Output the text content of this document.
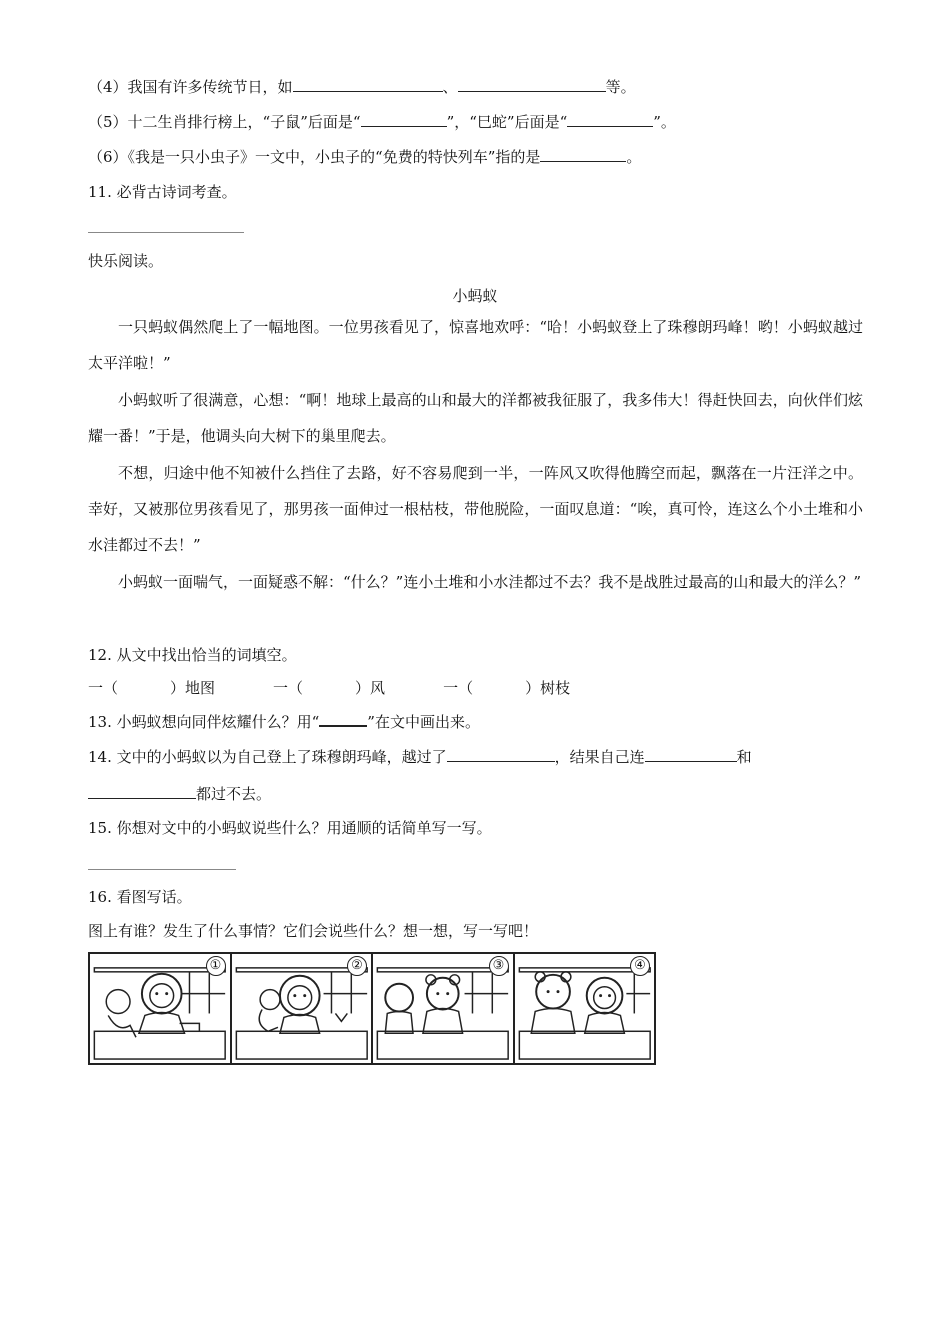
（4）我国有许多传统节日，如	、	等。
（5）十二生肖排行榜上，“子鼠”后面是“	”，“巳蛇”后面是“	”。
（6）《我是一只小虫子》一文中，小虫子的“免费的特快列车”指的是	。
11. 必背古诗词考查。
快乐阅读。
小蚂蚁
一只蚂蚁偶然爬上了一幅地图。一位男孩看见了，惊喜地欢呼：“哈！小蚂蚁登上了珠穆朗玛峰！哟！小蚂蚁越过太平洋啦！”
小蚂蚁听了很满意，心想：“啊！地球上最高的山和最大的洋都被我征服了，我多伟大！得赶快回去，向伙伴们炫耀一番！”于是，他调头向大树下的巢里爬去。
不想，归途中他不知被什么挡住了去路，好不容易爬到一半，一阵风又吹得他腾空而起，飘落在一片汪洋之中。幸好，又被那位男孩看见了，那男孩一面伸过一根枯枝，带他脱险，一面叹息道：“唉，真可怜，连这么个小土堆和小水洼都过不去！”
小蚂蚁一面喘气，一面疑惑不解：“什么？”连小土堆和小水洼都过不去？我不是战胜过最高的山和最大的洋么？”
12. 从文中找出恰当的词填空。
一（	）地图	一（	）风	一（	）树枝
13. 小蚂蚁想向同伴炫耀什么？用“	”在文中画出来。
14. 文中的小蚂蚁以为自己登上了珠穆朗玛峰，越过了	，结果自己连	和
都过不去。
15. 你想对文中的小蚂蚁说些什么？用通顺的话简单写一写。
16. 看图写话。
图上有谁？发生了什么事情？它们会说些什么？想一想，写一写吧！
①	②	③	④
